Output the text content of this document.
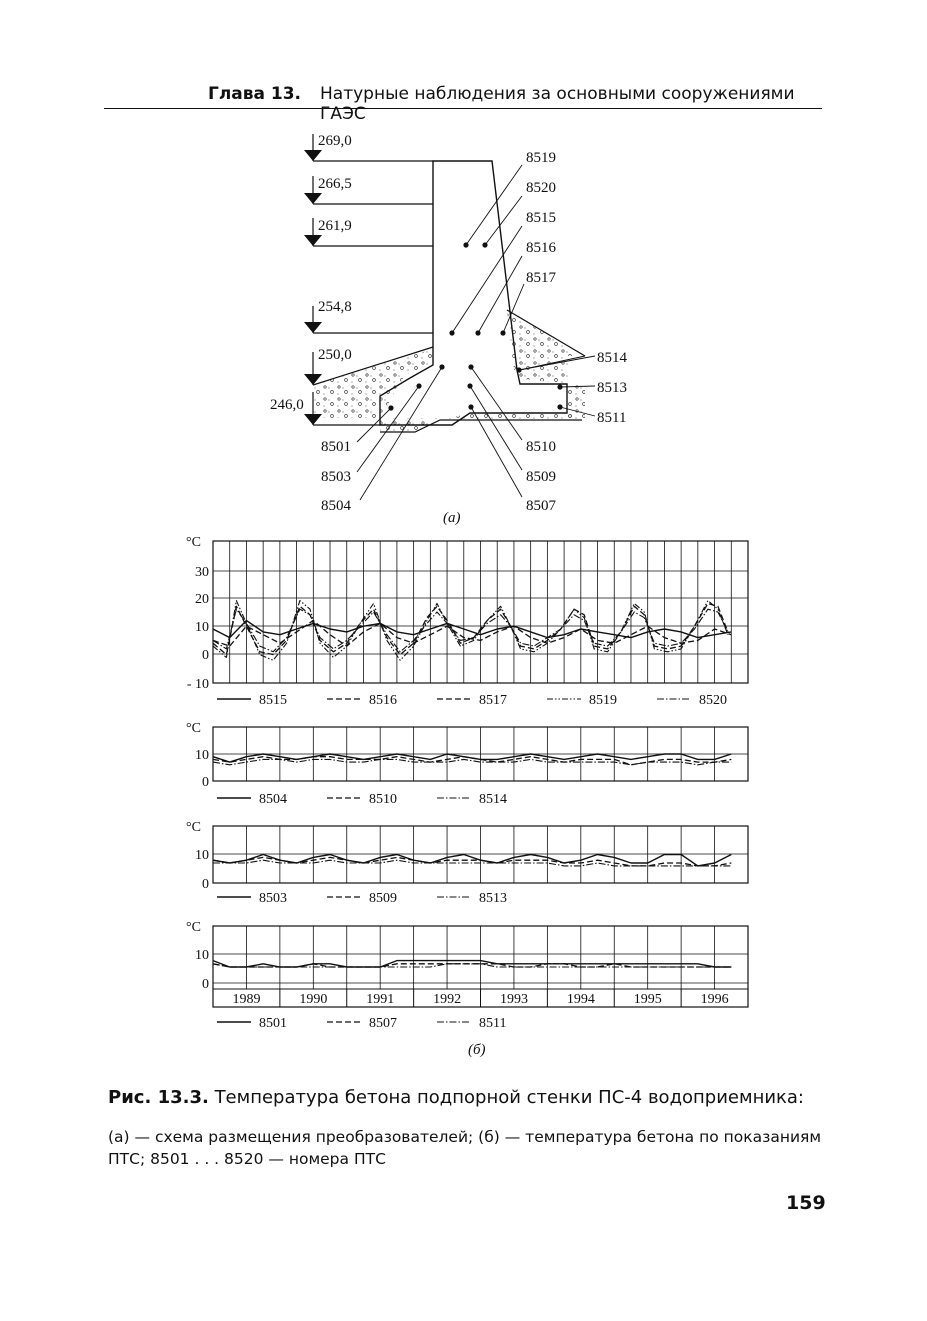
Глава 13. Натурные наблюдения за основными сооружениями ГАЭС
269,0
266,5
261,9
254,8
250,0
246,0
8519
8520
8515
8516
8517
8514
8513
8511
8510
8509
8507
8501
8503
8504
(а)
(б)
30
20
10
0
- 10
°C
8515	8516	8517	8519	8520
10
0
°C
8504	8510	8514
10
0
°C
8503	8509	8513
10
0
°C
1989	1990	1991	1992	1993	1994	1995	1996
8501	8507	8511
Рис. 13.3. Температура бетона подпорной стенки ПС-4 водоприемника:
(а) — схема размещения преобразователей; (б) — температура бетона по показаниям
ПТС; 8501 . . . 8520 — номера ПТС
159
